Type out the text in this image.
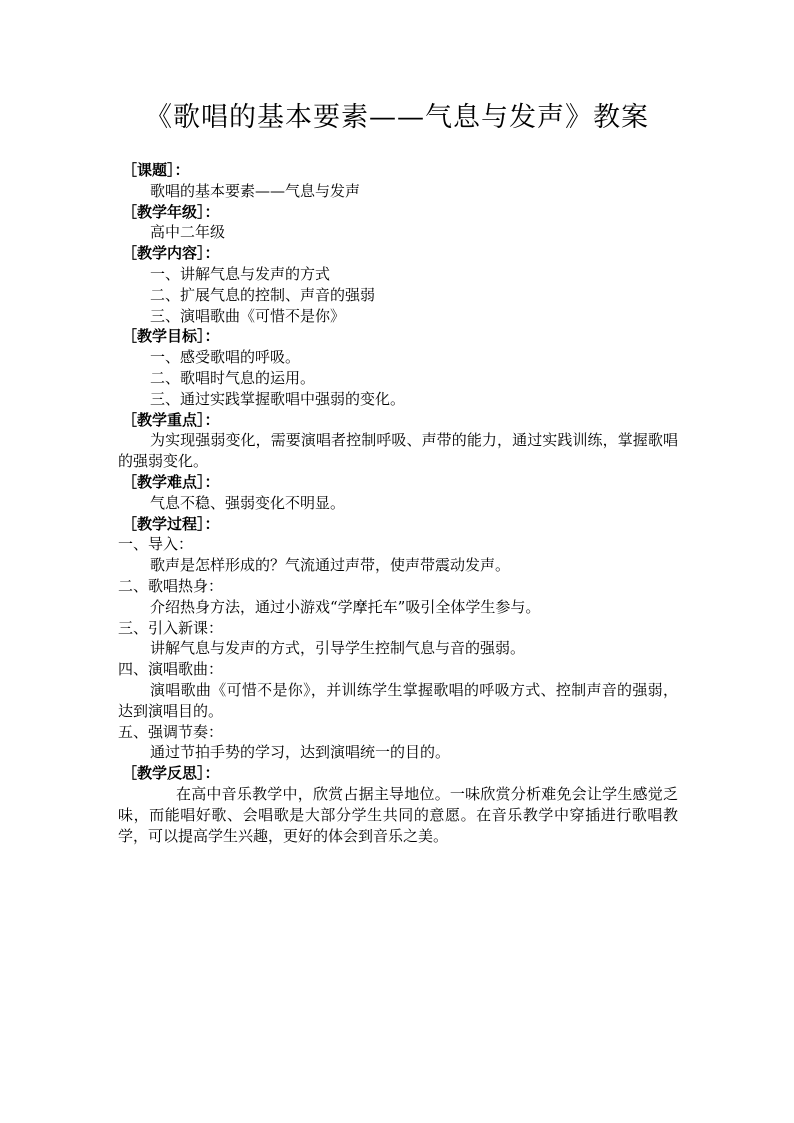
《歌唱的基本要素——气息与发声》教案
［课题］：
歌唱的基本要素——气息与发声
［教学年级］：
高中二年级
［教学内容］：
一、讲解气息与发声的方式
二、扩展气息的控制、声音的强弱
三、演唱歌曲《可惜不是你》
［教学目标］：
一、感受歌唱的呼吸。
二、歌唱时气息的运用。
三、通过实践掌握歌唱中强弱的变化。
［教学重点］：
为实现强弱变化，需要演唱者控制呼吸、声带的能力，通过实践训练，掌握歌唱的强弱变化。
［教学难点］：
气息不稳、强弱变化不明显。
［教学过程］：
一、导入：
歌声是怎样形成的？气流通过声带，使声带震动发声。
二、歌唱热身：
介绍热身方法，通过小游戏“学摩托车”吸引全体学生参与。
三、引入新课：
讲解气息与发声的方式，引导学生控制气息与音的强弱。
四、演唱歌曲：
演唱歌曲《可惜不是你》，并训练学生掌握歌唱的呼吸方式、控制声音的强弱，达到演唱目的。
五、强调节奏：
通过节拍手势的学习，达到演唱统一的目的。
［教学反思］：
在高中音乐教学中，欣赏占据主导地位。一味欣赏分析难免会让学生感觉乏味，而能唱好歌、会唱歌是大部分学生共同的意愿。在音乐教学中穿插进行歌唱教学，可以提高学生兴趣，更好的体会到音乐之美。
